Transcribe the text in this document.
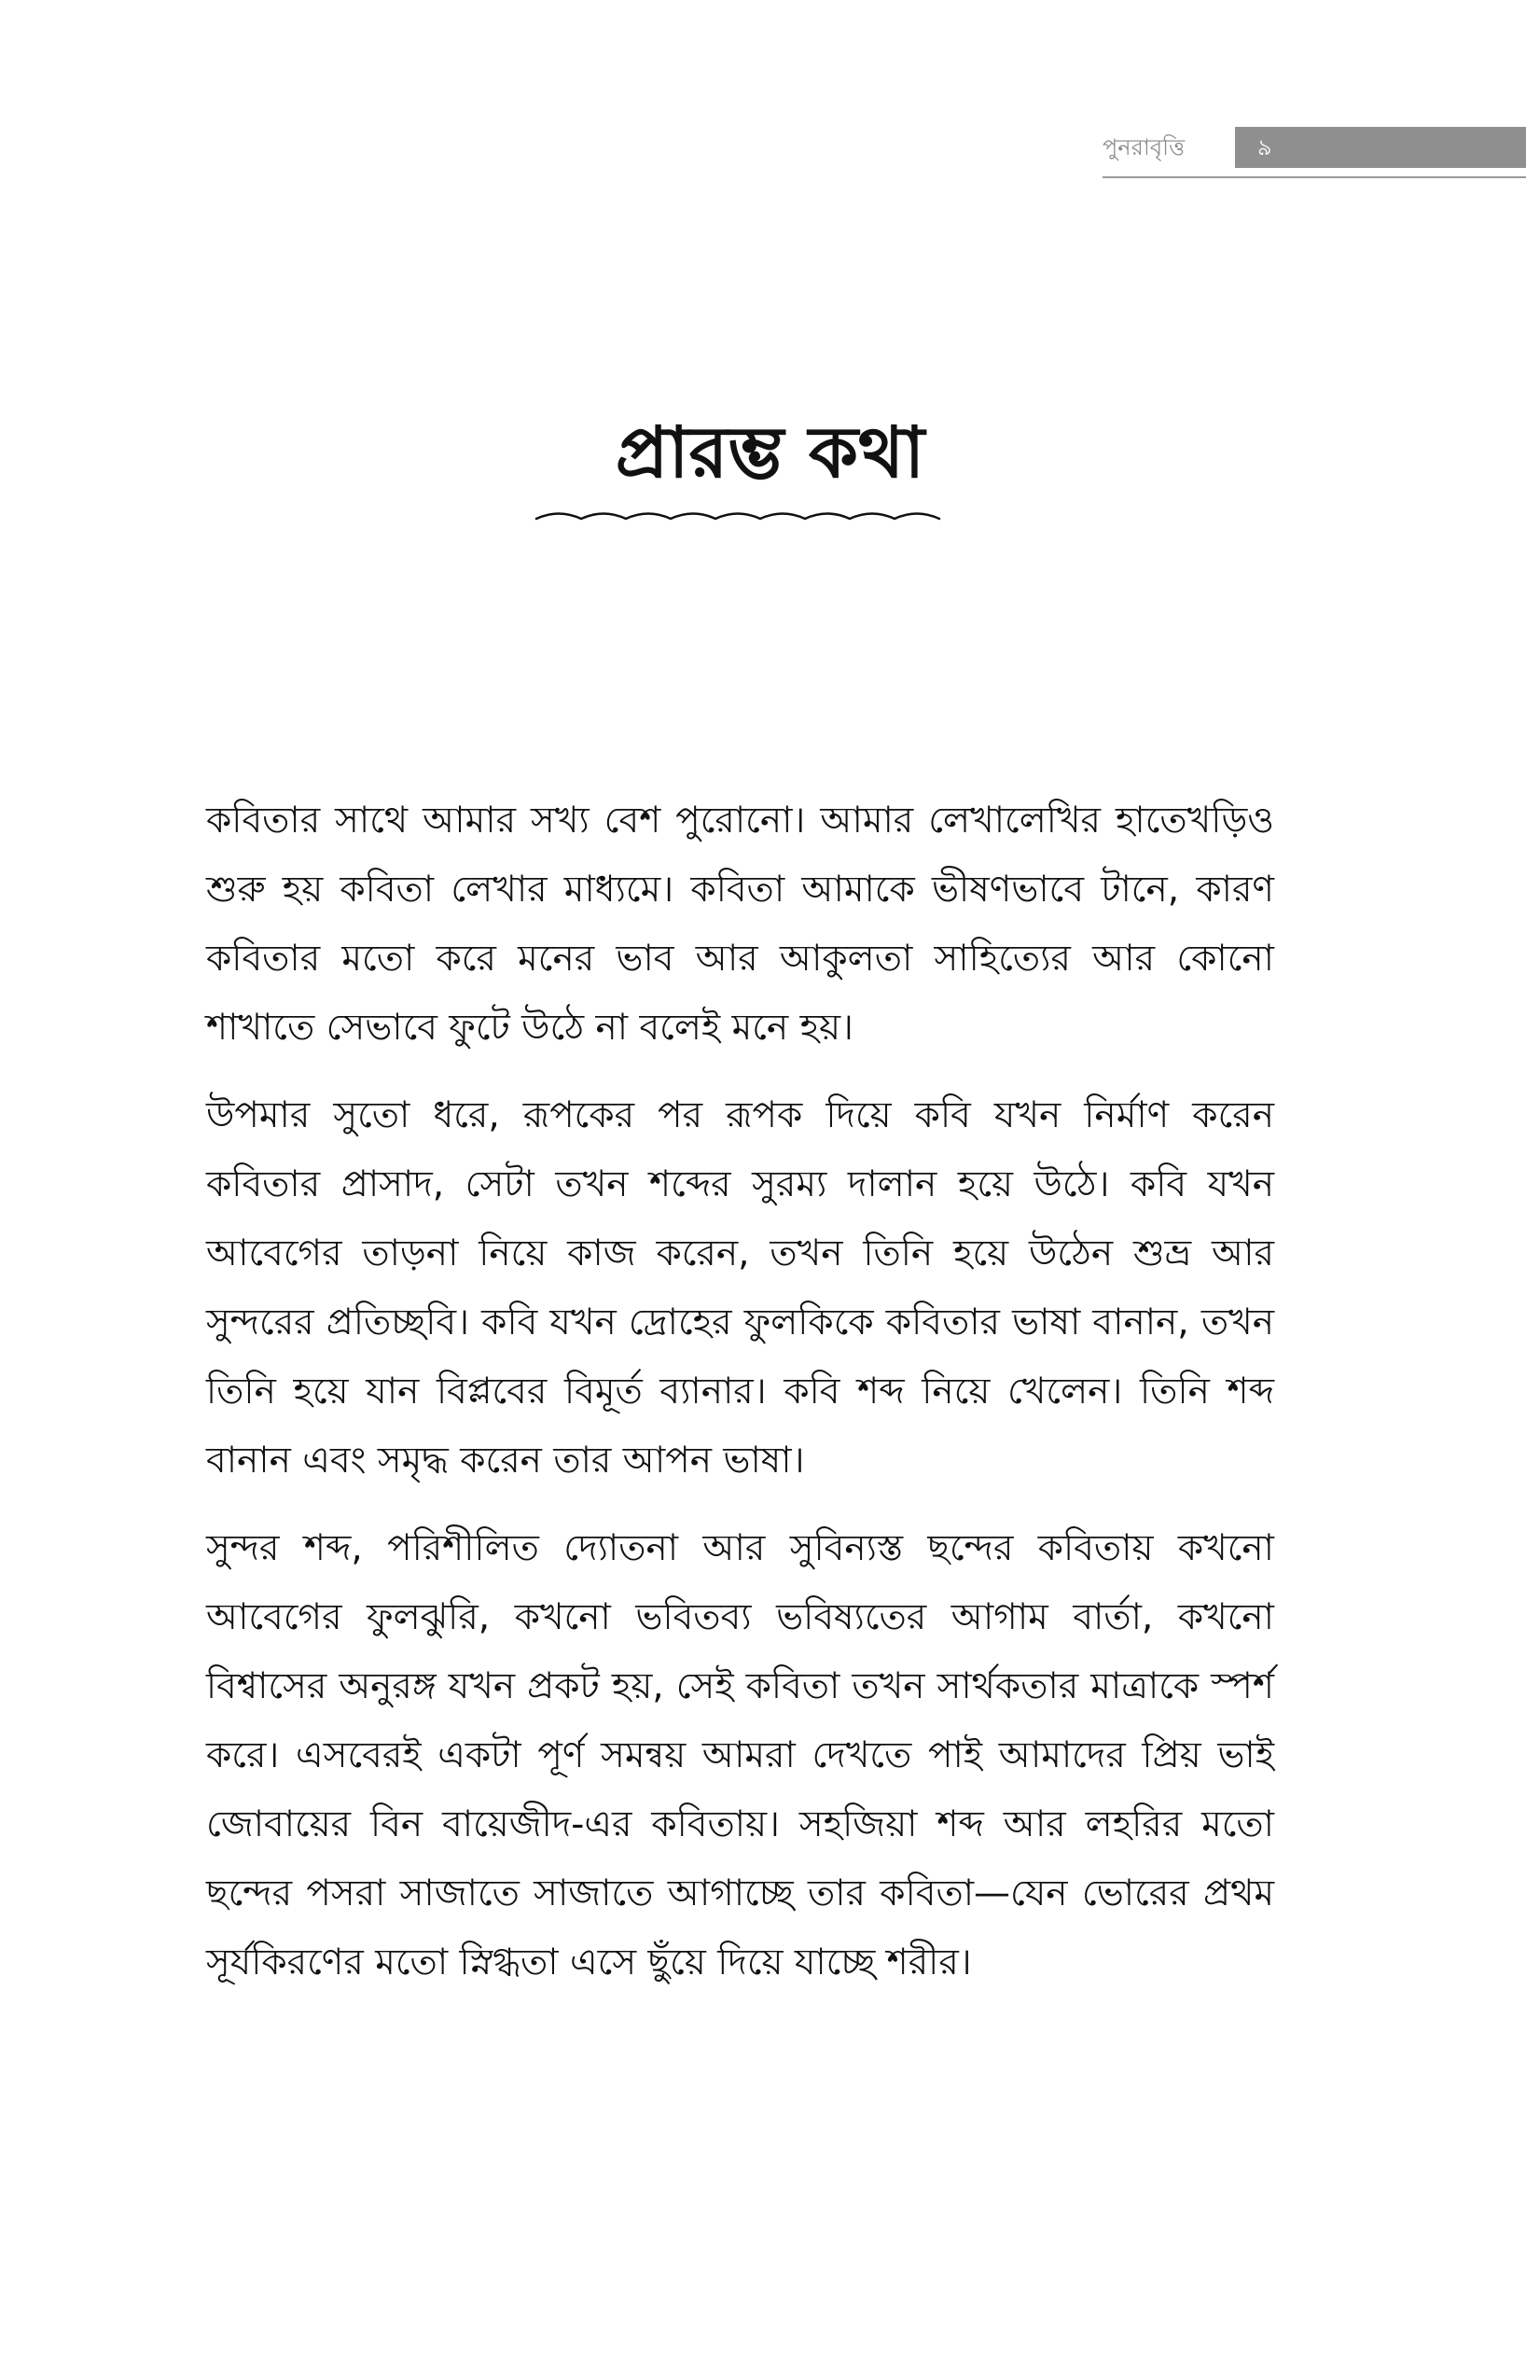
পুনরাবৃত্তি	৯
প্রারম্ভ কথা

কবিতার সাথে আমার সখ্য বেশ পুরোনো। আমার লেখালেখির হাতেখড়িও শুরু হয় কবিতা লেখার মাধ্যমে। কবিতা আমাকে ভীষণভাবে টানে, কারণ কবিতার মতো করে মনের ভাব আর আকুলতা সাহিত্যের আর কোনো শাখাতে সেভাবে ফুটে উঠে না বলেই মনে হয়।

উপমার সুতো ধরে, রূপকের পর রূপক দিয়ে কবি যখন নির্মাণ করেন কবিতার প্রাসাদ, সেটা তখন শব্দের সুরম্য দালান হয়ে উঠে। কবি যখন আবেগের তাড়না নিয়ে কাজ করেন, তখন তিনি হয়ে উঠেন শুভ্র আর সুন্দরের প্রতিচ্ছবি। কবি যখন দ্রোহের ফুলকিকে কবিতার ভাষা বানান, তখন তিনি হয়ে যান বিপ্লবের বিমূর্ত ব্যানার। কবি শব্দ নিয়ে খেলেন। তিনি শব্দ বানান এবং সমৃদ্ধ করেন তার আপন ভাষা।

সুন্দর শব্দ, পরিশীলিত দ্যোতনা আর সুবিন্যস্ত ছন্দের কবিতায় কখনো আবেগের ফুলঝুরি, কখনো ভবিতব্য ভবিষ্যতের আগাম বার্তা, কখনো বিশ্বাসের অনুরঙ্গ যখন প্রকট হয়, সেই কবিতা তখন সার্থকতার মাত্রাকে স্পর্শ করে। এসবেরই একটা পূর্ণ সমন্বয় আমরা দেখতে পাই আমাদের প্রিয় ভাই জোবায়ের বিন বায়েজীদ-এর কবিতায়। সহজিয়া শব্দ আর লহরির মতো ছন্দের পসরা সাজাতে সাজাতে আগাচ্ছে তার কবিতা—যেন ভোরের প্রথম সূর্যকিরণের মতো স্নিগ্ধতা এসে ছুঁয়ে দিয়ে যাচ্ছে শরীর।
